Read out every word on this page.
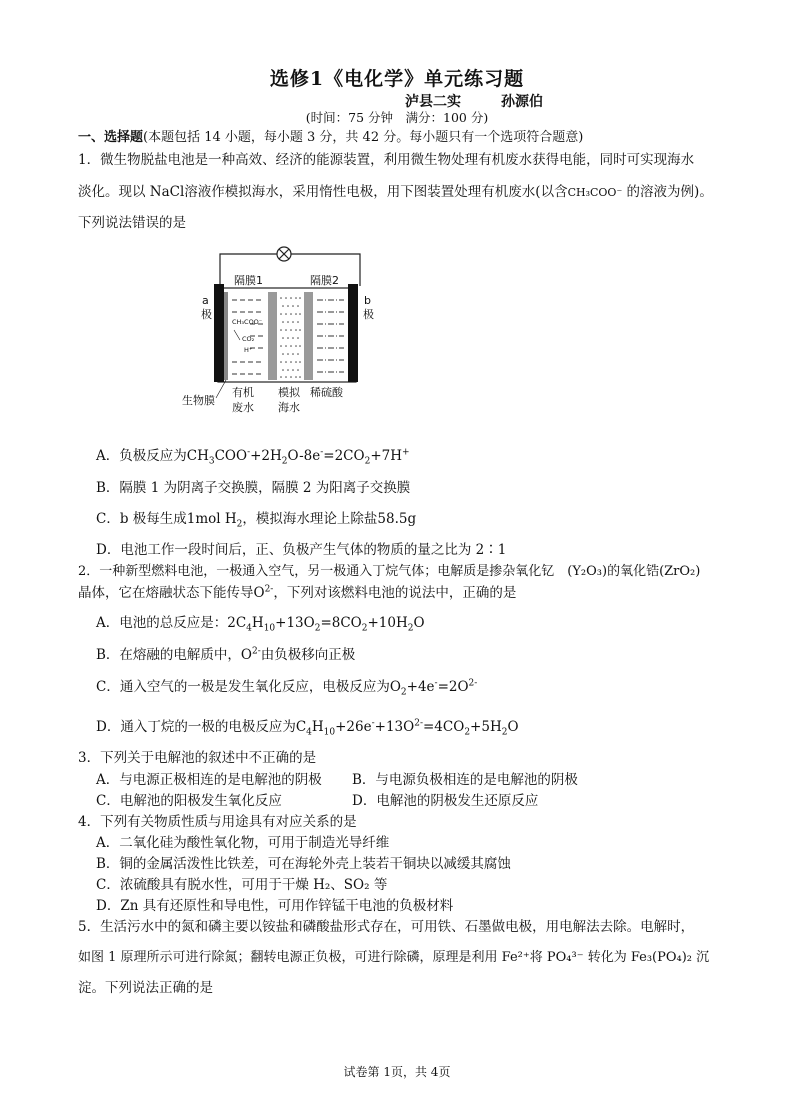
选修1《电化学》单元练习题
泸县二实	孙源伯
(时间：75 分钟　满分：100 分)
一、选择题(本题包括 14 小题，每小题 3 分，共 42 分。每小题只有一个选项符合题意)
1．微生物脱盐电池是一种高效、经济的能源装置，利用微生物处理有机废水获得电能，同时可实现海水
淡化。现以 NaCl溶液作模拟海水，采用惰性电极，用下图装置处理有机废水(以含CH₃COO⁻ 的溶液为例)。
下列说法错误的是
隔膜1	隔膜2
a
极
b
极
CH₃COO⁻
CO₂
H⁺
生物膜
有机
废水
模拟
海水
稀硫酸
A．负极反应为$CH_3COO^-+2H_2O-8e^-=2CO_2+7H^+$
B．隔膜 1 为阴离子交换膜，隔膜 2 为阳离子交换膜
C．b 极每生成1mol $H_2$，模拟海水理论上除盐58.5g
D．电池工作一段时间后，正、负极产生气体的物质的量之比为 2∶1
2．一种新型燃料电池，一极通入空气，另一极通入丁烷气体；电解质是掺杂氧化钇　(Y₂O₃)的氧化锆(ZrO₂)
晶体，它在熔融状态下能传导$O^{2-}$，下列对该燃料电池的说法中，正确的是
A．电池的总反应是：$2C_4H_{10}+13O_2=8CO_2+10H_2O$
B．在熔融的电解质中，$O^{2-}$由负极移向正极
C．通入空气的一极是发生氧化反应，电极反应为$O_2+4e^-=2O^{2-}$
D．通入丁烷的一极的电极反应为$C_4H_{10}+26e^-+13O^{2-}=4CO_2+5H_2O$
3．下列关于电解池的叙述中不正确的是
A．与电源正极相连的是电解池的阴极 B．与电源负极相连的是电解池的阴极
C．电解池的阳极发生氧化反应	D．电解池的阴极发生还原反应
4．下列有关物质性质与用途具有对应关系的是
A．二氧化硅为酸性氧化物，可用于制造光导纤维
B．铜的金属活泼性比铁差，可在海轮外壳上装若干铜块以减缓其腐蚀
C．浓硫酸具有脱水性，可用于干燥 H₂、SO₂ 等
D．Zn 具有还原性和导电性，可用作锌锰干电池的负极材料
5．生活污水中的氮和磷主要以铵盐和磷酸盐形式存在，可用铁、石墨做电极，用电解法去除。电解时，
如图 1 原理所示可进行除氮；翻转电源正负极，可进行除磷，原理是利用 Fe²⁺将 PO₄³⁻ 转化为 Fe₃(PO₄)₂ 沉
淀。下列说法正确的是
试卷第 1页，共 4页
